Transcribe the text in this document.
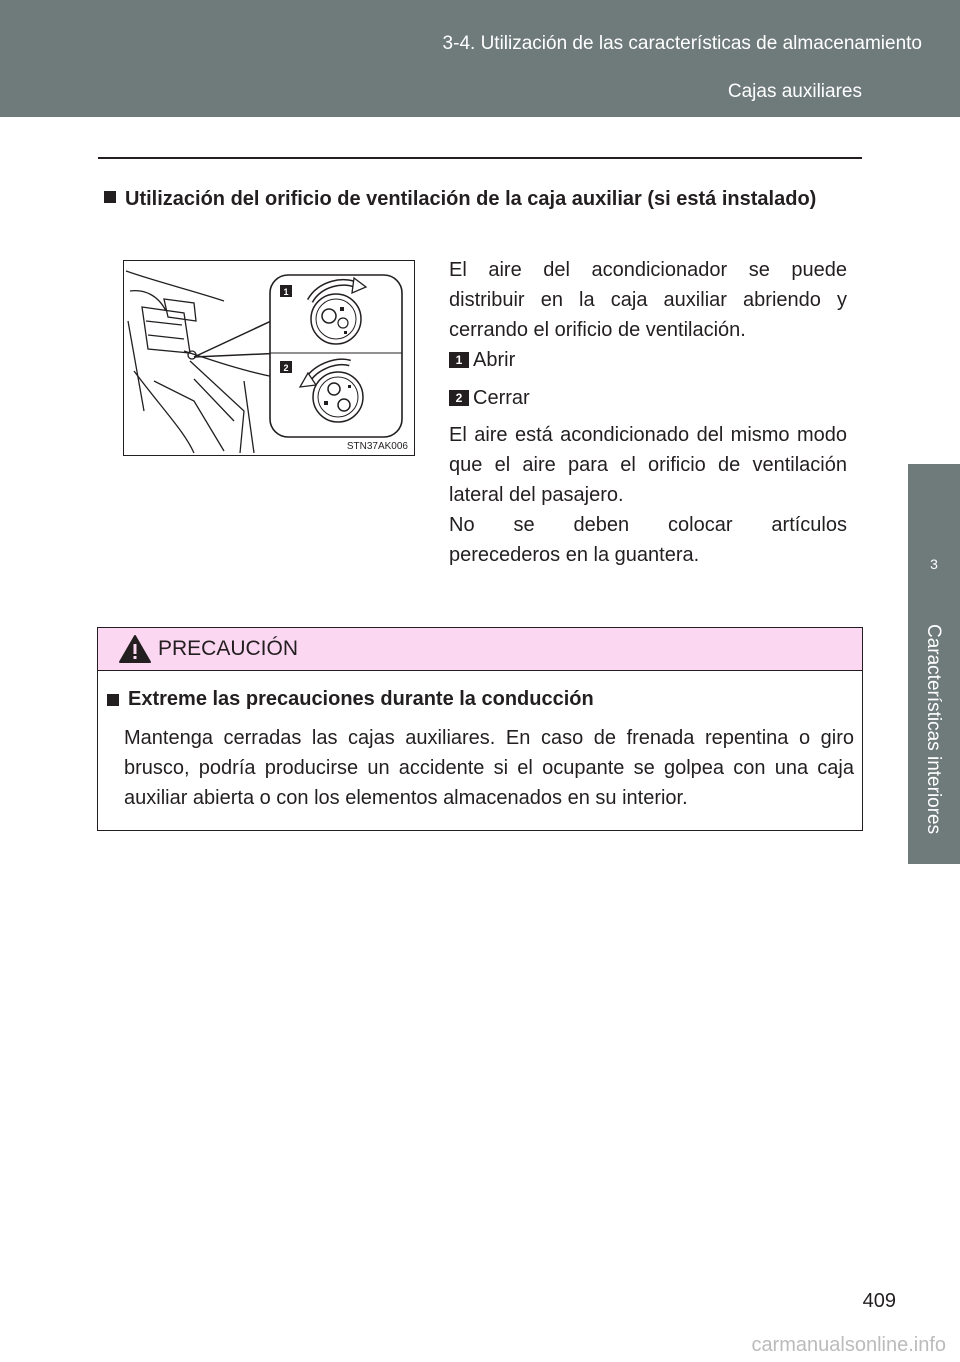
3-4. Utilización de las características de almacenamiento
Cajas auxiliares
3
Características interiores
Utilización del orificio de ventilación de la caja auxiliar (si está instalado)
1
2
STN37AK006
El aire del acondicionador se puede distribuir en la caja auxiliar abriendo y cerrando el orificio de ventilación.
1 Abrir
2 Cerrar
El aire está acondicionado del mismo modo que el aire para el orificio de ventilación lateral del pasajero.
No se deben colocar artículos
perecederos en la guantera.
PRECAUCIÓN
Extreme las precauciones durante la conducción
Mantenga cerradas las cajas auxiliares. En caso de frenada repentina o giro brusco, podría producirse un accidente si el ocupante se golpea con una caja auxiliar abierta o con los elementos almacenados en su interior.
409
carmanualsonline.info
